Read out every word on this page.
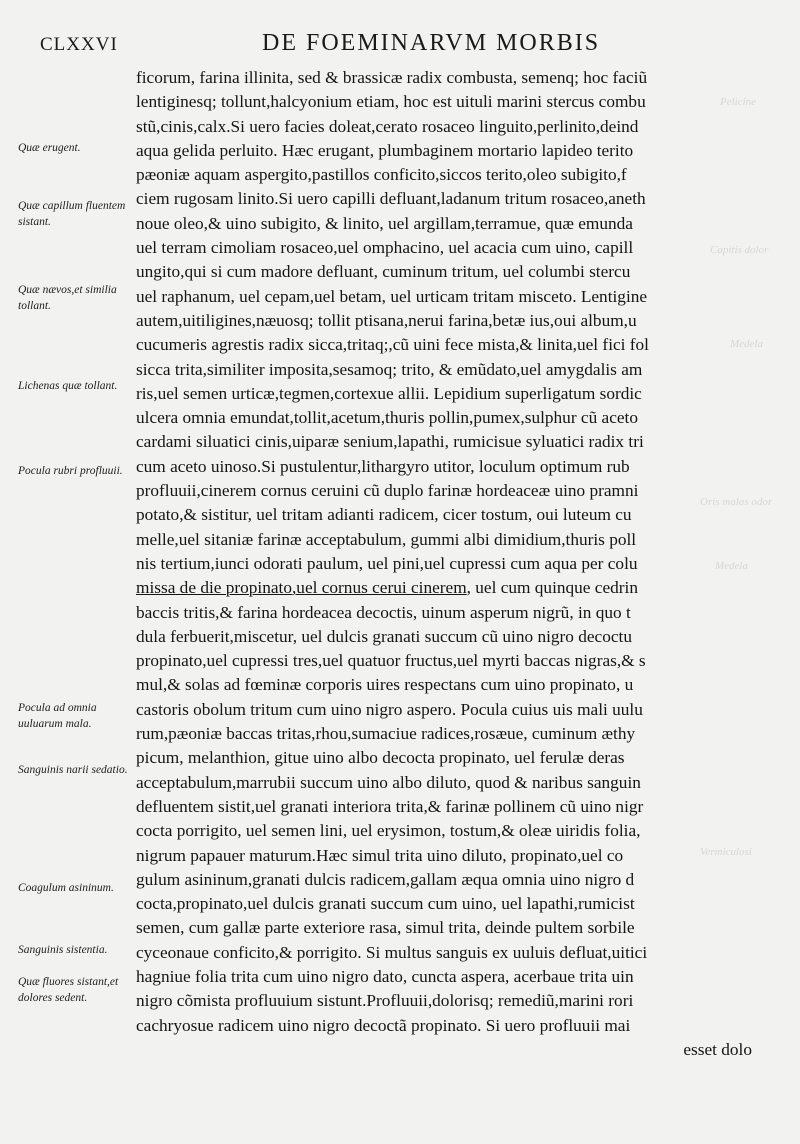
CLXXVI	DE FOEMINARVM MORBIS
Quæ erugent.
Quæ capillum fluentem sistant.
Quæ nævos,et similia tollant.
Lichenas quæ tollant.
Pocula rubri profluuii.
Pocula ad omnia uuluarum mala.
Sanguinis narii sedatio.
Coagulum asininum.
Sanguinis sistentia.
Quæ fluores sistant,et dolores sedent.
Pelicine
Capitis dolor
Medela
Oris malas odor
Medela
Vermiculosi
ficorum, farina illinita, sed & brassicæ radix combusta, semenq; hoc faciũ
lentiginesq; tollunt,halcyonium etiam, hoc est uituli marini stercus combu
stũ,cinis,calx.Si uero facies doleat,cerato rosaceo linguito,perlinito,deind
aqua gelida perluito. Hæc erugant, plumbaginem mortario lapideo terito
pæoniæ aquam aspergito,pastillos conficito,siccos terito,oleo subigito,f
ciem rugosam linito.Si uero capilli defluant,ladanum tritum rosaceo,aneth
noue oleo,& uino subigito, & linito, uel argillam,terramue, quæ emunda
uel terram cimoliam rosaceo,uel omphacino, uel acacia cum uino, capill
ungito,qui si cum madore defluant, cuminum tritum, uel columbi stercu
uel raphanum, uel cepam,uel betam, uel urticam tritam misceto. Lentigine
autem,uitiligines,næuosq; tollit ptisana,nerui farina,betæ ius,oui album,u
cucumeris agrestis radix sicca,tritaq;,cũ uini fece mista,& linita,uel fici fol
sicca trita,similiter imposita,sesamoq; trito, & emũdato,uel amygdalis am
ris,uel semen urticæ,tegmen,cortexue allii. Lepidium superligatum sordic
ulcera omnia emundat,tollit,acetum,thuris pollin,pumex,sulphur cũ aceto
cardami siluatici cinis,uiparæ senium,lapathi, rumicisue syluatici radix tri
cum aceto uinoso.Si pustulentur,lithargyro utitor, loculum optimum rub
profluuii,cinerem cornus ceruini cũ duplo farinæ hordeaceæ uino pramni
potato,& sistitur, uel tritam adianti radicem, cicer tostum, oui luteum cu
melle,uel sitaniæ farinæ acceptabulum, gummi albi dimidium,thuris poll
nis tertium,iunci odorati paulum, uel pini,uel cupressi cum aqua per colu
missa de die propinato,uel cornus cerui cinerem, uel cum quinque cedrin
baccis tritis,& farina hordeacea decoctis, uinum asperum nigrũ, in quo t
dula ferbuerit,miscetur, uel dulcis granati succum cũ uino nigro decoctu
propinato,uel cupressi tres,uel quatuor fructus,uel myrti baccas nigras,& s
mul,& solas ad fœminæ corporis uires respectans cum uino propinato, u
castoris obolum tritum cum uino nigro aspero. Pocula cuius uis mali uulu
rum,pæoniæ baccas tritas,rhou,sumaciue radices,rosæue, cuminum æthy
picum, melanthion, gitue uino albo decocta propinato, uel ferulæ deras
acceptabulum,marrubii succum uino albo diluto, quod & naribus sanguin
defluentem sistit,uel granati interiora trita,& farinæ pollinem cũ uino nigr
cocta porrigito, uel semen lini, uel erysimon, tostum,& oleæ uiridis folia,
nigrum papauer maturum.Hæc simul trita uino diluto, propinato,uel co
gulum asininum,granati dulcis radicem,gallam æqua omnia uino nigro d
cocta,propinato,uel dulcis granati succum cum uino, uel lapathi,rumicist
semen, cum gallæ parte exteriore rasa, simul trita, deinde pultem sorbile
cyceonaue conficito,& porrigito. Si multus sanguis ex uuluis defluat,uitici
hagniue folia trita cum uino nigro dato, cuncta aspera, acerbaue trita uin
nigro cõmista profluuium sistunt.Profluuii,dolorisq; remediũ,marini rori
cachryosue radicem uino nigro decoctã propinato. Si uero profluuii mai
esset dolo
